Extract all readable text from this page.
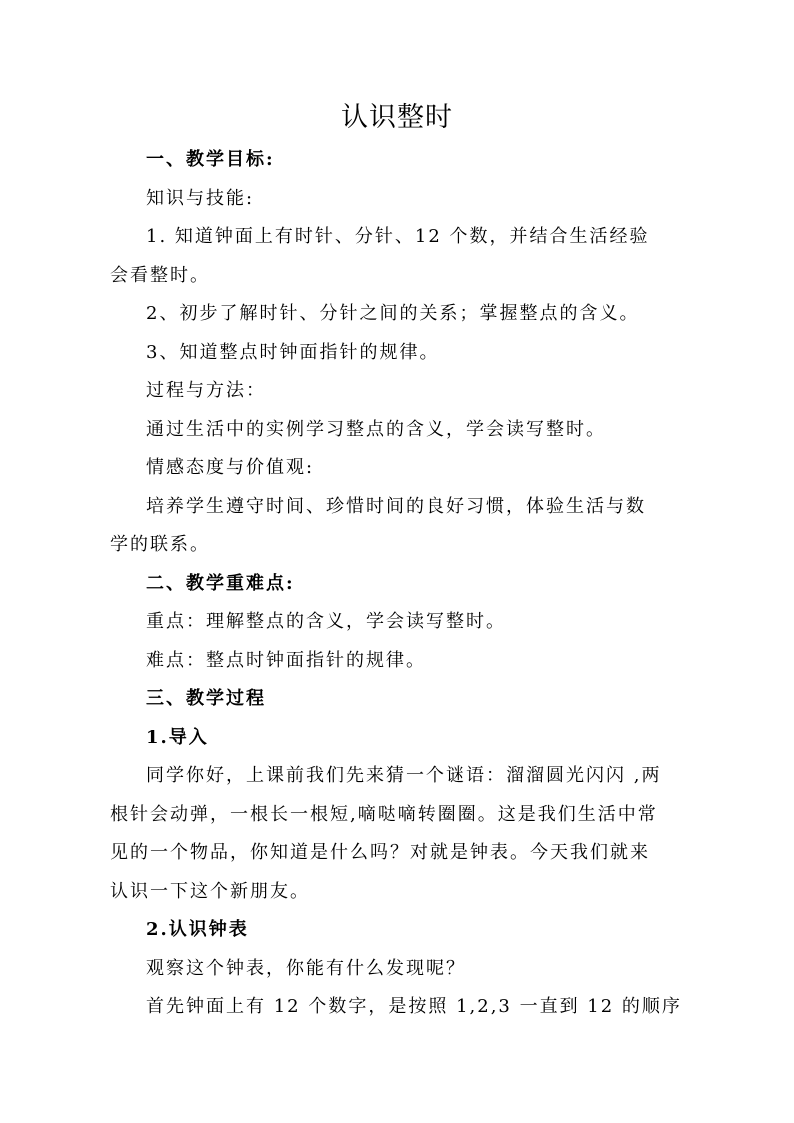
认识整时
一、教学目标:
知识与技能:
1. 知道钟面上有时针、分针、12 个数，并结合生活经验
会看整时。
2、初步了解时针、分针之间的关系；掌握整点的含义。
3、知道整点时钟面指针的规律。
过程与方法：
通过生活中的实例学习整点的含义，学会读写整时。
情感态度与价值观:
培养学生遵守时间、珍惜时间的良好习惯，体验生活与数
学的联系。
二、教学重难点:
重点：理解整点的含义，学会读写整时。
难点：整点时钟面指针的规律。
三、教学过程
1.导入
同学你好，上课前我们先来猜一个谜语：溜溜圆光闪闪 ,两
根针会动弹，一根长一根短,嘀哒嘀转圈圈。这是我们生活中常
见的一个物品，你知道是什么吗？对就是钟表。今天我们就来
认识一下这个新朋友。
2.认识钟表
观察这个钟表，你能有什么发现呢？
首先钟面上有 12 个数字，是按照 1,2,3 一直到 12 的顺序
